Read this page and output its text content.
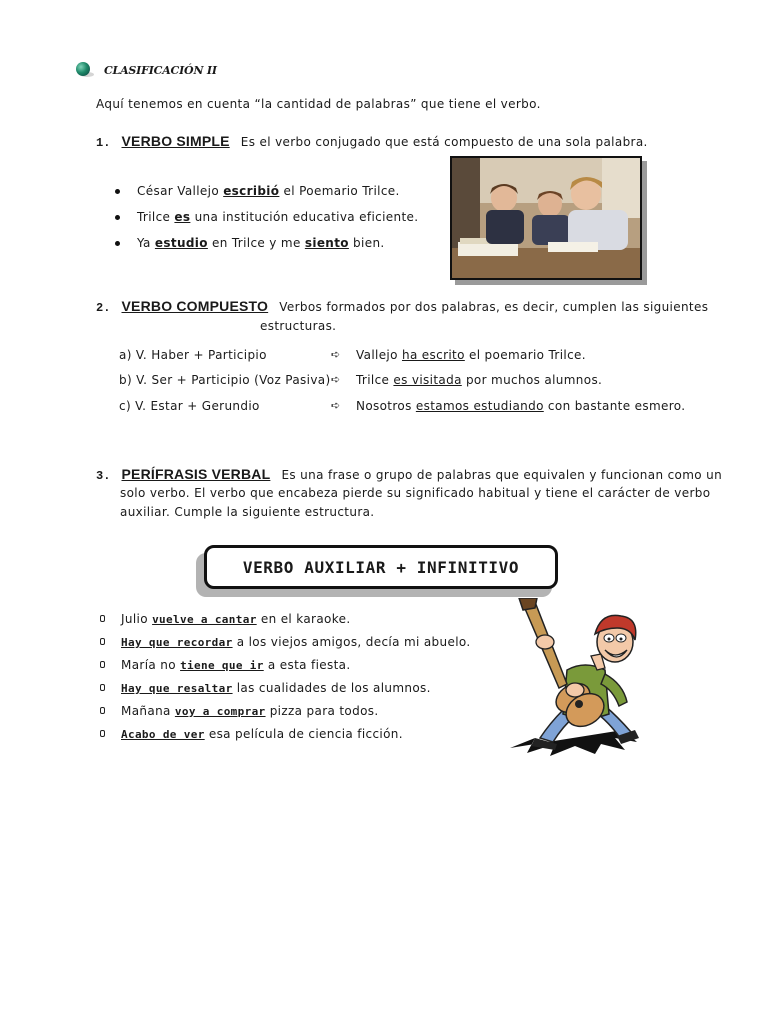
CLASIFICACIÓN II
Aquí tenemos en cuenta “la cantidad de palabras” que tiene el verbo.
1. VERBO SIMPLE Es el verbo conjugado que está compuesto de una sola palabra.
César Vallejo escribió el Poemario Trilce.
Trilce es una institución educativa eficiente.
Ya estudio en Trilce y me siento bien.
2. VERBO COMPUESTO Verbos formados por dos palabras, es decir, cumplen las siguientes
estructuras.
a) V. Haber + Participio	➪ Vallejo ha escrito el poemario Trilce.
b) V. Ser + Participio (Voz Pasiva) ➪ Trilce es visitada por muchos alumnos.
c) V. Estar + Gerundio	➪ Nosotros estamos estudiando con bastante esmero.
3. PERÍFRASIS VERBAL Es una frase o grupo de palabras que equivalen y funcionan como un
solo verbo. El verbo que encabeza pierde su significado habitual y tiene el carácter de verbo
auxiliar. Cumple la siguiente estructura.
VERBO AUXILIAR + INFINITIVO
Julio vuelve a cantar en el karaoke.
Hay que recordar a los viejos amigos, decía mi abuelo.
María no tiene que ir a esta fiesta.
Hay que resaltar las cualidades de los alumnos.
Mañana voy a comprar pizza para todos.
Acabo de ver esa película de ciencia ficción.
